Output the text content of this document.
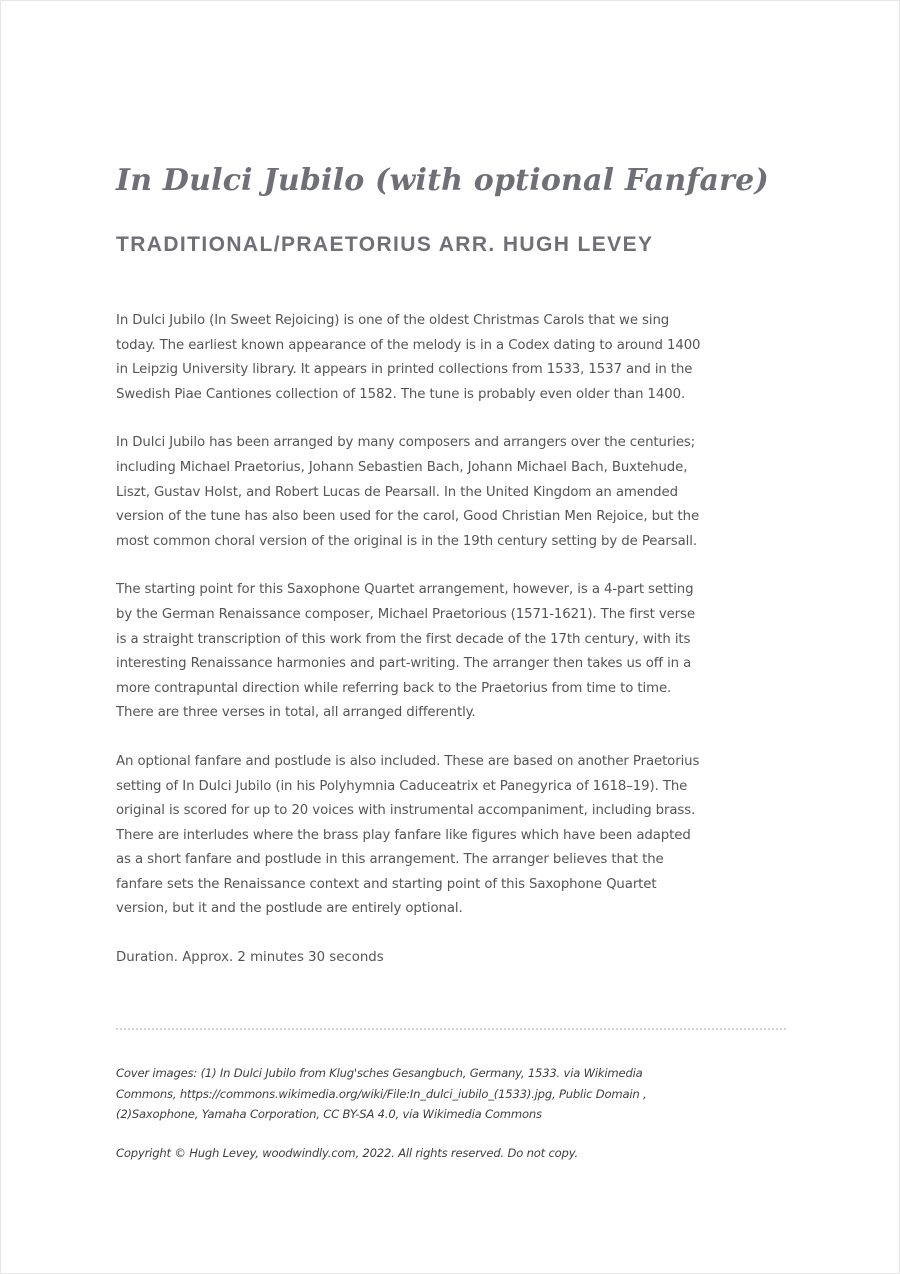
In Dulci Jubilo (with optional Fanfare)
TRADITIONAL/PRAETORIUS ARR. HUGH LEVEY

In Dulci Jubilo (In Sweet Rejoicing) is one of the oldest Christmas Carols that we sing
today. The earliest known appearance of the melody is in a Codex dating to around 1400
in Leipzig University library. It appears in printed collections from 1533, 1537 and in the
Swedish Piae Cantiones collection of 1582. The tune is probably even older than 1400.

In Dulci Jubilo has been arranged by many composers and arrangers over the centuries;
including Michael Praetorius, Johann Sebastien Bach, Johann Michael Bach, Buxtehude,
Liszt, Gustav Holst, and Robert Lucas de Pearsall. In the United Kingdom an amended
version of the tune has also been used for the carol, Good Christian Men Rejoice, but the
most common choral version of the original is in the 19th century setting by de Pearsall.

The starting point for this Saxophone Quartet arrangement, however, is a 4-part setting
by the German Renaissance composer, Michael Praetorious (1571-1621). The first verse
is a straight transcription of this work from the first decade of the 17th century, with its
interesting Renaissance harmonies and part-writing. The arranger then takes us off in a
more contrapuntal direction while referring back to the Praetorius from time to time.
There are three verses in total, all arranged differently.

An optional fanfare and postlude is also included. These are based on another Praetorius
setting of In Dulci Jubilo (in his Polyhymnia Caduceatrix et Panegyrica of 1618–19). The
original is scored for up to 20 voices with instrumental accompaniment, including brass.
There are interludes where the brass play fanfare like figures which have been adapted
as a short fanfare and postlude in this arrangement. The arranger believes that the
fanfare sets the Renaissance context and starting point of this Saxophone Quartet
version, but it and the postlude are entirely optional.

Duration. Approx. 2 minutes 30 seconds

Cover images: (1) In Dulci Jubilo from Klug'sches Gesangbuch, Germany, 1533. via Wikimedia
Commons, https://commons.wikimedia.org/wiki/File:In_dulci_iubilo_(1533).jpg, Public Domain ,
(2)Saxophone, Yamaha Corporation, CC BY-SA 4.0, via Wikimedia Commons

Copyright © Hugh Levey, woodwindly.com, 2022. All rights reserved. Do not copy.
